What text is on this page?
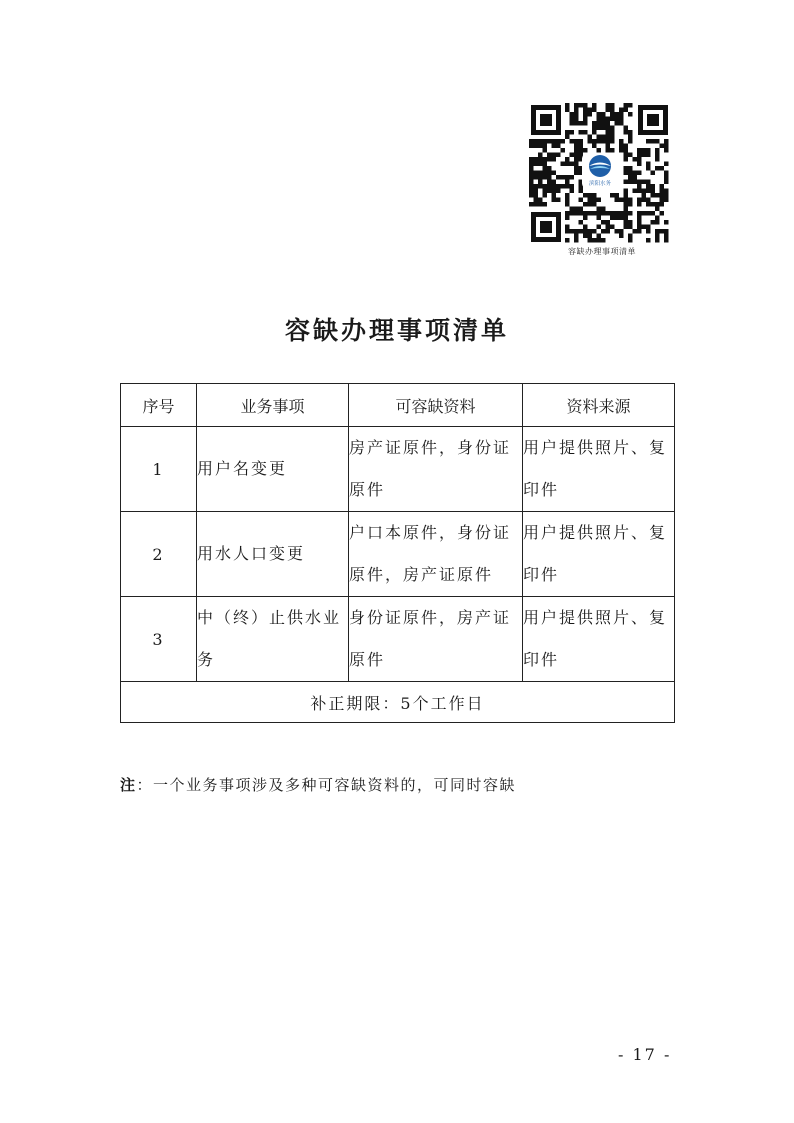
滨阳水务
容缺办理事项清单
容缺办理事项清单
序号	业务事项	可容缺资料	资料来源
1	用户名变更	房产证原件，身份证原件	用户提供照片、复印件
2	用水人口变更	户口本原件，身份证原件，房产证原件	用户提供照片、复印件
3	中（终）止供水业务	身份证原件，房产证原件	用户提供照片、复印件
补正期限：5个工作日			
注：一个业务事项涉及多种可容缺资料的，可同时容缺
- 17 -
